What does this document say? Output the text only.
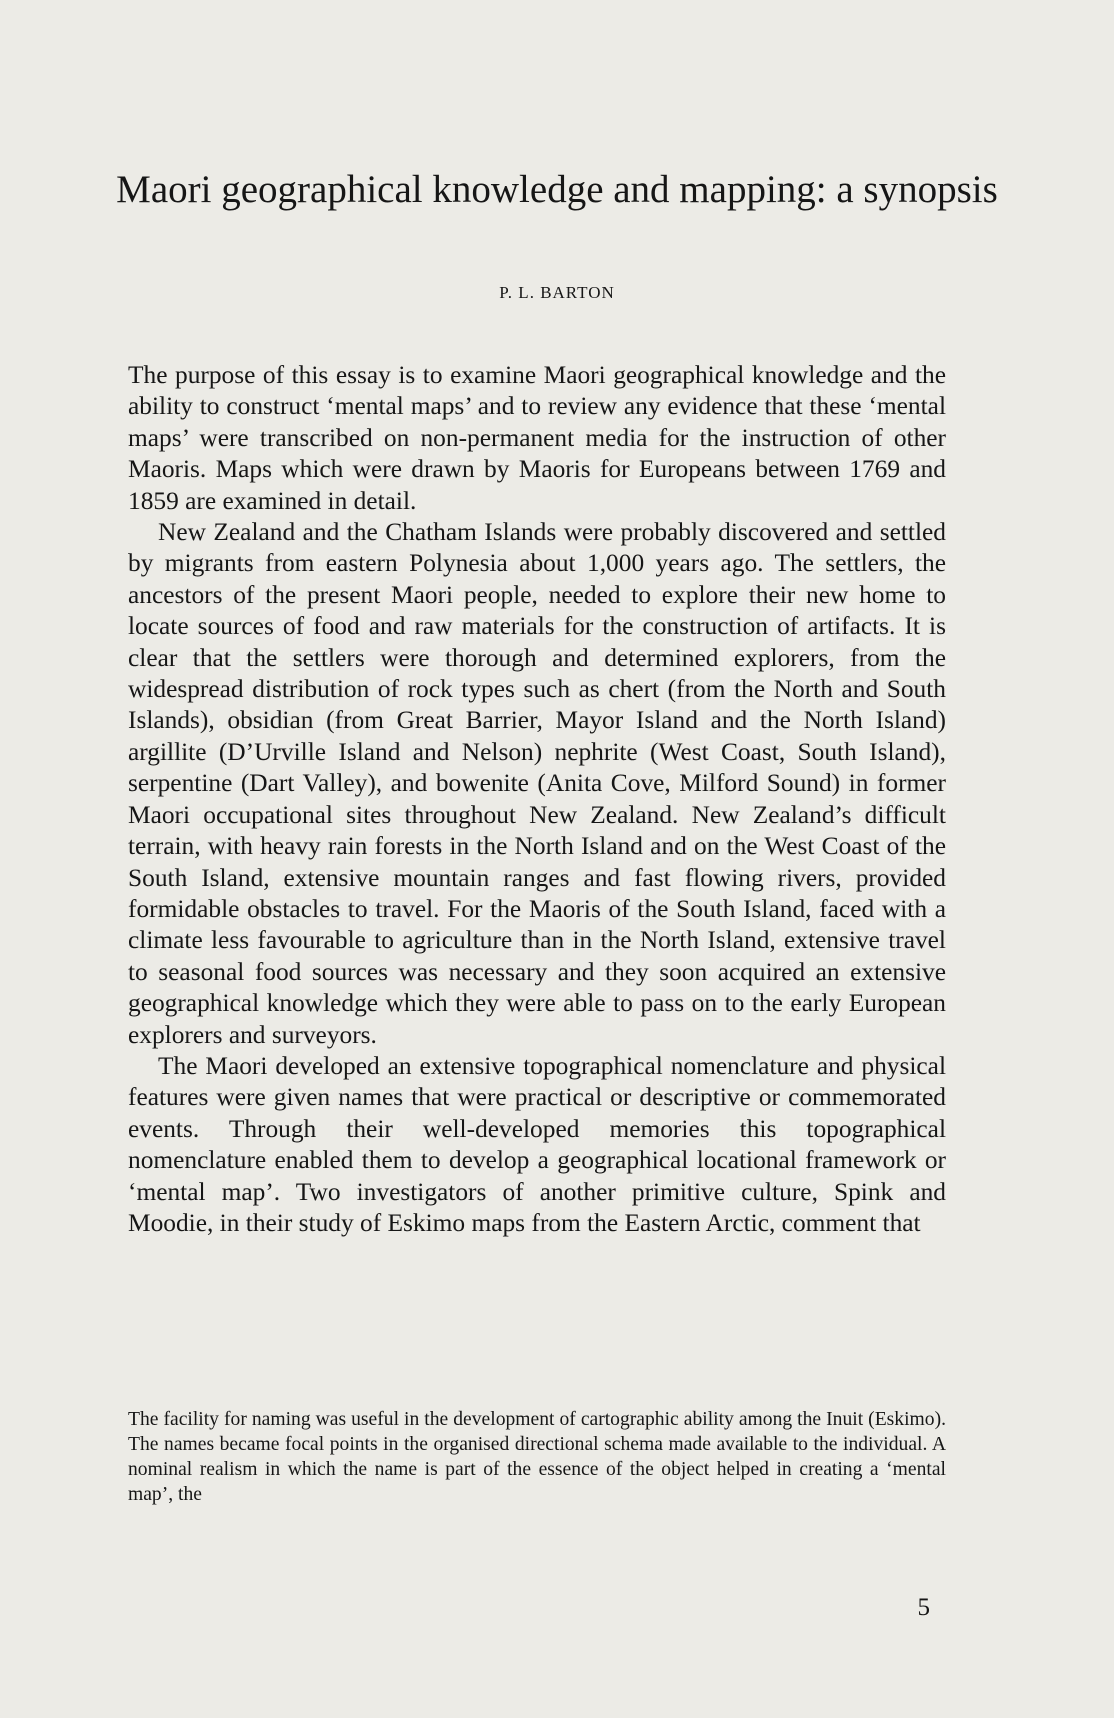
Maori geographical knowledge and mapping: a synopsis
P. L. BARTON

The purpose of this essay is to examine Maori geographical knowledge and the ability to construct ‘mental maps’ and to review any evidence that these ‘mental maps’ were transcribed on non-permanent media for the instruction of other Maoris. Maps which were drawn by Maoris for Europeans between 1769 and 1859 are examined in detail.

New Zealand and the Chatham Islands were probably discovered and settled by migrants from eastern Polynesia about 1,000 years ago. The settlers, the ancestors of the present Maori people, needed to explore their new home to locate sources of food and raw materials for the construction of artifacts. It is clear that the settlers were thorough and determined explorers, from the widespread distribution of rock types such as chert (from the North and South Islands), obsidian (from Great Barrier, Mayor Island and the North Island) argillite (D’Urville Island and Nelson) nephrite (West Coast, South Island), serpentine (Dart Valley), and bowenite (Anita Cove, Milford Sound) in former Maori occupational sites throughout New Zealand. New Zealand’s difficult terrain, with heavy rain forests in the North Island and on the West Coast of the South Island, extensive mountain ranges and fast flowing rivers, provided formidable obstacles to travel. For the Maoris of the South Island, faced with a climate less favourable to agriculture than in the North Island, extensive travel to seasonal food sources was necessary and they soon acquired an extensive geographical knowledge which they were able to pass on to the early European explorers and surveyors.

The Maori developed an extensive topographical nomenclature and physical features were given names that were practical or descriptive or commemorated events. Through their well-developed memories this topographical nomenclature enabled them to develop a geographical locational framework or ‘mental map’. Two investigators of another primitive culture, Spink and Moodie, in their study of Eskimo maps from the Eastern Arctic, comment that

The facility for naming was useful in the development of cartographic ability among the Inuit (Eskimo). The names became focal points in the organised directional schema made available to the individual. A nominal realism in which the name is part of the essence of the object helped in creating a ‘mental map’, the

5
